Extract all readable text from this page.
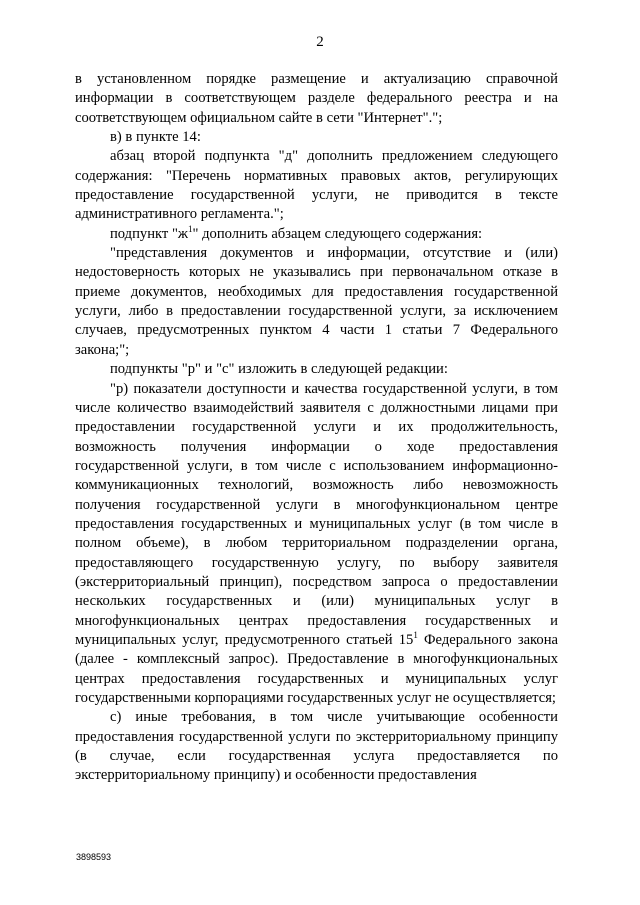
2

в установленном порядке размещение и актуализацию справочной информации в соответствующем разделе федерального реестра и на соответствующем официальном сайте в сети "Интернет".";

в) в пункте 14:

абзац второй подпункта "д" дополнить предложением следующего содержания: "Перечень нормативных правовых актов, регулирующих предоставление государственной услуги, не приводится в тексте административного регламента.";

подпункт "$ж^1$" дополнить абзацем следующего содержания:

"представления документов и информации, отсутствие и (или) недостоверность которых не указывались при первоначальном отказе в приеме документов, необходимых для предоставления государственной услуги, либо в предоставлении государственной услуги, за исключением случаев, предусмотренных пунктом 4 части 1 статьи 7 Федерального закона;";

подпункты "р" и "с" изложить в следующей редакции:

"р) показатели доступности и качества государственной услуги, в том числе количество взаимодействий заявителя с должностными лицами при предоставлении государственной услуги и их продолжительность, возможность получения информации о ходе предоставления государственной услуги, в том числе с использованием информационно-коммуникационных технологий, возможность либо невозможность получения государственной услуги в многофункциональном центре предоставления государственных и муниципальных услуг (в том числе в полном объеме), в любом территориальном подразделении органа, предоставляющего государственную услугу, по выбору заявителя (экстерриториальный принцип), посредством запроса о предоставлении нескольких государственных и (или) муниципальных услуг в многофункциональных центрах предоставления государственных и муниципальных услуг, предусмотренного статьей $15^1$ Федерального закона (далее - комплексный запрос). Предоставление в многофункциональных центрах предоставления государственных и муниципальных услуг государственными корпорациями государственных услуг не осуществляется;

с) иные требования, в том числе учитывающие особенности предоставления государственной услуги по экстерриториальному принципу (в случае, если государственная услуга предоставляется по экстерриториальному принципу) и особенности предоставления

3898593
